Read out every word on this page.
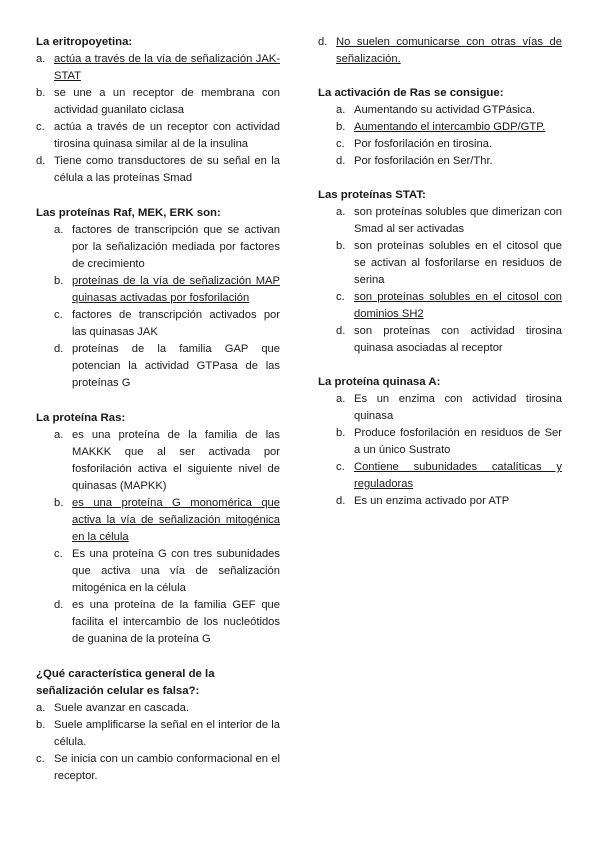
La eritropoyetina:

a. actúa a través de la vía de señalización JAK-STAT
b. se une a un receptor de membrana con actividad guanilato ciclasa
c. actúa a través de un receptor con actividad tirosina quinasa similar al de la insulina
d. Tiene como transductores de su señal en la célula a las proteínas Smad

Las proteínas Raf, MEK, ERK son:

a. factores de transcripción que se activan por la señalización mediada por factores de crecimiento
b. proteínas de la vía de señalización MAP quinasas activadas por fosforilación
c. factores de transcripción activados por las quinasas JAK
d. proteínas de la familia GAP que potencian la actividad GTPasa de las proteínas G

La proteína Ras:

a. es una proteína de la familia de las MAKKK que al ser activada por fosforilación activa el siguiente nivel de quinasas (MAPKK)
b. es una proteína G monomérica que activa la vía de señalización mitogénica en la célula
c. Es una proteína G con tres subunidades que activa una vía de señalización mitogénica en la célula
d. es una proteína de la familia GEF que facilita el intercambio de los nucleótidos de guanina de la proteína G

¿Qué característica general de la señalización celular es falsa?:

a. Suele avanzar en cascada.
b. Suele amplificarse la señal en el interior de la célula.
c. Se inicia con un cambio conformacional en el receptor.
d. No suelen comunicarse con otras vías de señalización.

La activación de Ras se consigue:

a. Aumentando su actividad GTPásica.
b. Aumentando el intercambio GDP/GTP.
c. Por fosforilación en tirosina.
d. Por fosforilación en Ser/Thr.

Las proteínas STAT:

a. son proteínas solubles que dimerizan con Smad al ser activadas
b. son proteínas solubles en el citosol que se activan al fosforilarse en residuos de serina
c. son proteínas solubles en el citosol con dominios SH2
d. son proteínas con actividad tirosina quinasa asociadas al receptor

La proteína quinasa A:

a. Es un enzima con actividad tirosina quinasa
b. Produce fosforilación en residuos de Ser a un único Sustrato
c. Contiene subunidades catalíticas y reguladoras
d. Es un enzima activado por ATP
